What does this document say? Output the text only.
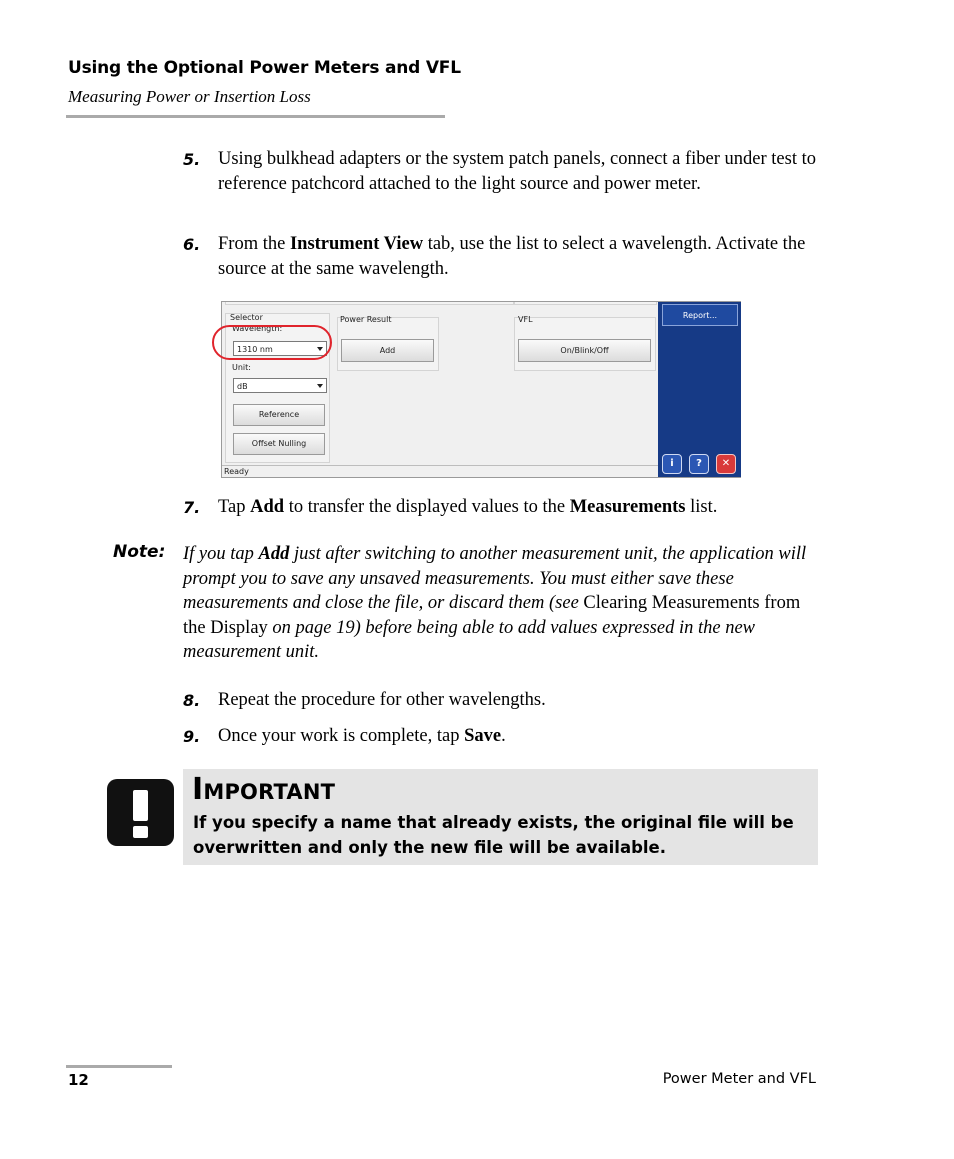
Using the Optional Power Meters and VFL
Measuring Power or Insertion Loss
5. Using bulkhead adapters or the system patch panels, connect a fiber under test to reference patchcord attached to the light source and power meter.
6. From the Instrument View tab, use the list to select a wavelength. Activate the source at the same wavelength.
Selector
Wavelength:
1310 nm
Unit:
dB
Reference
Offset Nulling
Power Result
Add
VFL
On/Blink/Off
Report...
i	?	✕
Ready
7. Tap Add to transfer the displayed values to the Measurements list.
Note: If you tap Add just after switching to another measurement unit, the application will prompt you to save any unsaved measurements. You must either save these measurements and close the file, or discard them (see Clearing Measurements from the Display on page 19) before being able to add values expressed in the new measurement unit.
8. Repeat the procedure for other wavelengths.
9. Once your work is complete, tap Save.
Important
If you specify a name that already exists, the original file will be overwritten and only the new file will be available.
12	Power Meter and VFL
